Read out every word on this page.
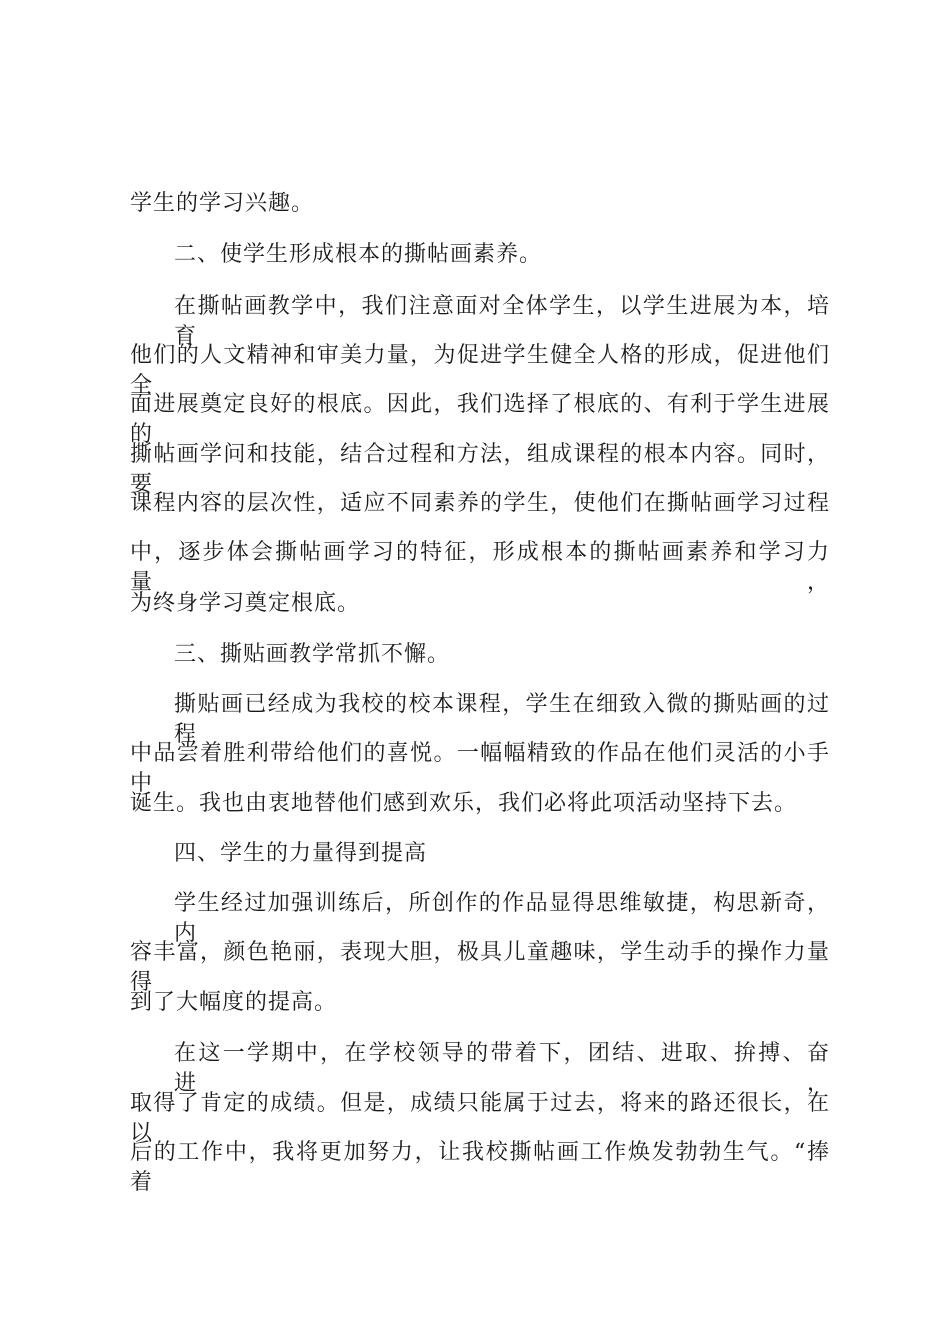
学生的学习兴趣。
二、使学生形成根本的撕帖画素养。
在撕帖画教学中，我们注意面对全体学生，以学生进展为本，培育
他们的人文精神和审美力量，为促进学生健全人格的形成，促进他们全
面进展奠定良好的根底。因此，我们选择了根底的、有利于学生进展的
撕帖画学问和技能，结合过程和方法，组成课程的根本内容。同时，要
课程内容的层次性，适应不同素养的学生，使他们在撕帖画学习过程
中，逐步体会撕帖画学习的特征，形成根本的撕帖画素养和学习力量，
为终身学习奠定根底。
三、撕贴画教学常抓不懈。
撕贴画已经成为我校的校本课程，学生在细致入微的撕贴画的过程
中品尝着胜利带给他们的喜悦。一幅幅精致的作品在他们灵活的小手中
诞生。我也由衷地替他们感到欢乐，我们必将此项活动坚持下去。
四、学生的力量得到提高
学生经过加强训练后，所创作的作品显得思维敏捷，构思新奇，内
容丰富，颜色艳丽，表现大胆，极具儿童趣味，学生动手的操作力量得
到了大幅度的提高。
在这一学期中，在学校领导的带着下，团结、进取、拚搏、奋进，
取得了肯定的成绩。但是，成绩只能属于过去，将来的路还很长，在以
后的工作中，我将更加努力，让我校撕帖画工作焕发勃勃生气。“捧着
